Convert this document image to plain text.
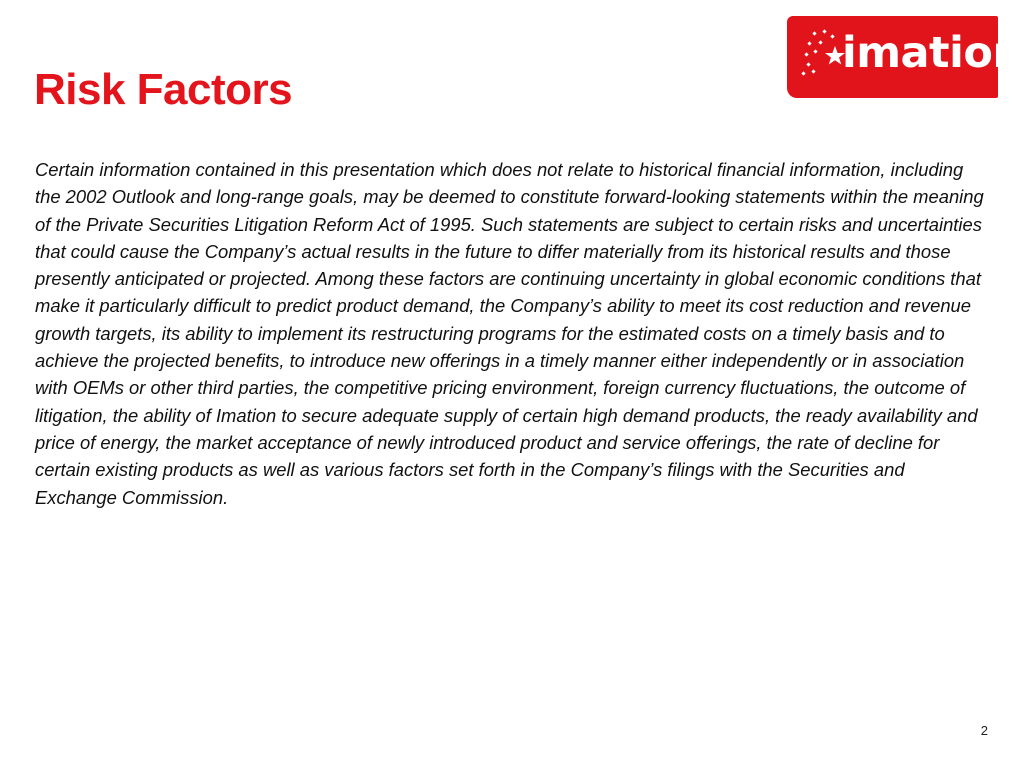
imation
Risk Factors

Certain information contained in this presentation which does not relate to historical financial information, including
the 2002 Outlook and long-range goals, may be deemed to constitute forward-looking statements within the meaning
of the Private Securities Litigation Reform Act of 1995. Such statements are subject to certain risks and uncertainties
that could cause the Company’s actual results in the future to differ materially from its historical results and those
presently anticipated or projected. Among these factors are continuing uncertainty in global economic conditions that
make it particularly difficult to predict product demand, the Company’s ability to meet its cost reduction and revenue
growth targets, its ability to implement its restructuring programs for the estimated costs on a timely basis and to
achieve the projected benefits, to introduce new offerings in a timely manner either independently or in association
with OEMs or other third parties, the competitive pricing environment, foreign currency fluctuations, the outcome of
litigation, the ability of Imation to secure adequate supply of certain high demand products, the ready availability and
price of energy, the market acceptance of newly introduced product and service offerings, the rate of decline for
certain existing products as well as various factors set forth in the Company’s filings with the Securities and
Exchange Commission.

2
